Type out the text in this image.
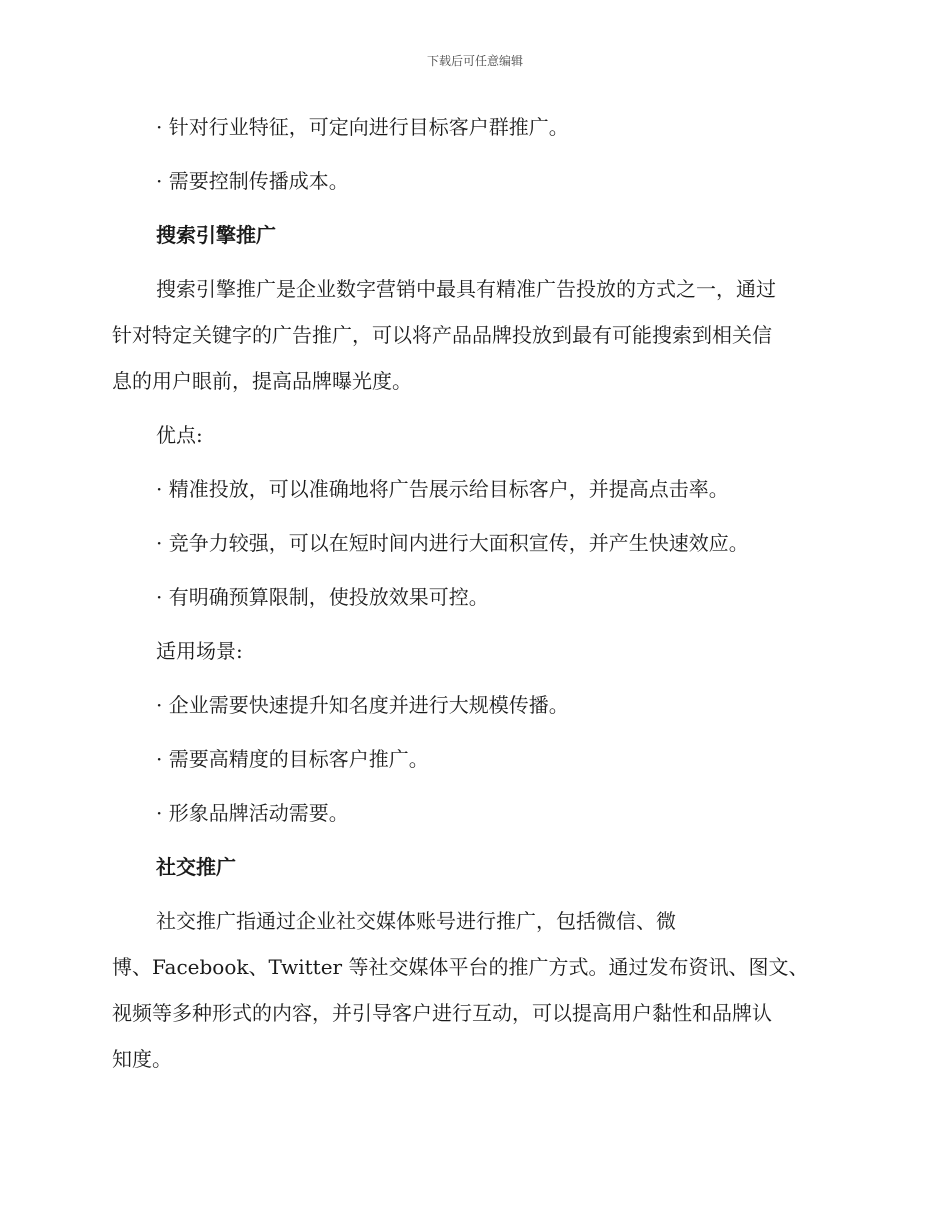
下载后可任意编辑
· 针对行业特征，可定向进行目标客户群推广。
· 需要控制传播成本。
搜索引擎推广
搜索引擎推广是企业数字营销中最具有精准广告投放的方式之一，通过
针对特定关键字的广告推广，可以将产品品牌投放到最有可能搜索到相关信
息的用户眼前，提高品牌曝光度。
优点:
· 精准投放，可以准确地将广告展示给目标客户，并提高点击率。
· 竞争力较强，可以在短时间内进行大面积宣传，并产生快速效应。
· 有明确预算限制，使投放效果可控。
适用场景:
· 企业需要快速提升知名度并进行大规模传播。
· 需要高精度的目标客户推广。
· 形象品牌活动需要。
社交推广
社交推广指通过企业社交媒体账号进行推广，包括微信、微
博、Facebook、Twitter 等社交媒体平台的推广方式。通过发布资讯、图文、
视频等多种形式的内容，并引导客户进行互动，可以提高用户黏性和品牌认
知度。
